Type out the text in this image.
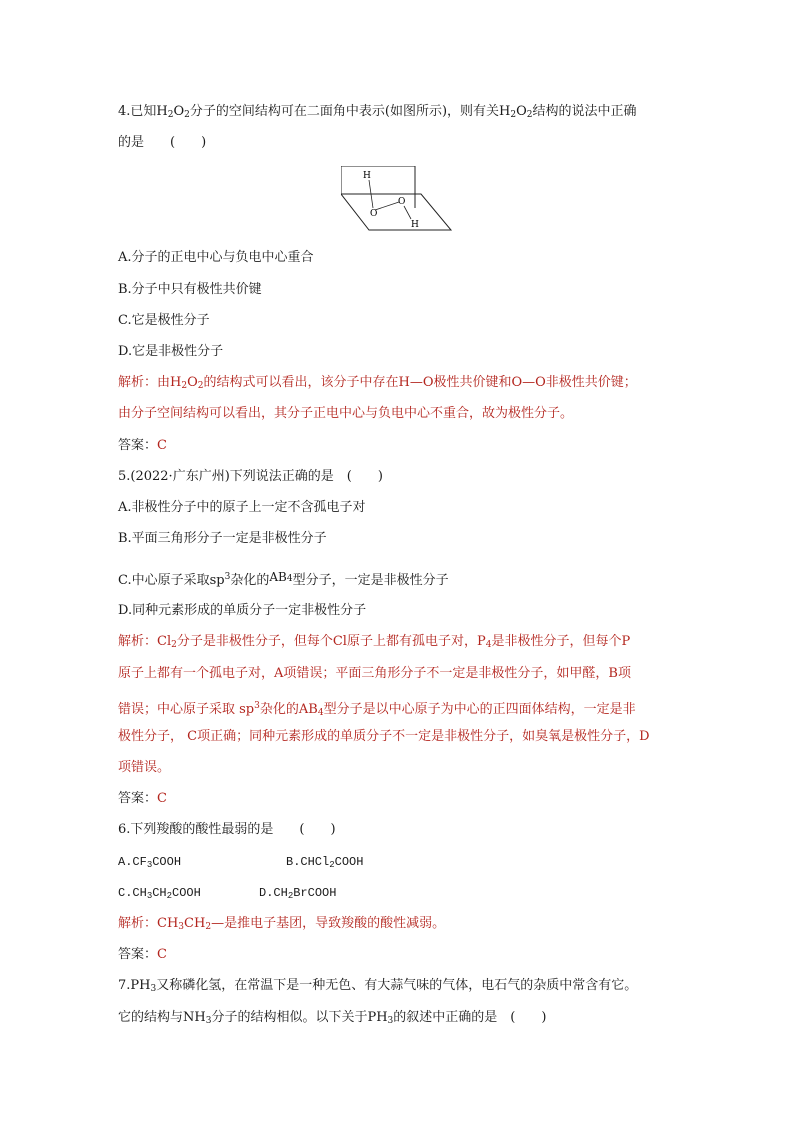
4.已知$H_2O_2$分子的空间结构可在二面角中表示(如图所示)，则有关$H_2O_2$结构的说法中正确
的是　　(　　)
H
O
O
H
A.分子的正电中心与负电中心重合
B.分子中只有极性共价键
C.它是极性分子
D.它是非极性分子
解析：由$H_2O_2$的结构式可以看出，该分子中存在H—O极性共价键和O—O非极性共价键；
由分子空间结构可以看出，其分子正电中心与负电中心不重合，故为极性分子。
答案：C
5.(2022·广东广州)下列说法正确的是　(　　)
A.非极性分子中的原子上一定不含孤电子对
B.平面三角形分子一定是非极性分子
C.中心原子采取$sp^3$杂化的$AB^4$型分子，一定是非极性分子
D.同种元素形成的单质分子一定非极性分子
解析：$Cl_2$分子是非极性分子，但每个Cl原子上都有孤电子对，$P_4$是非极性分子，但每个P
原子上都有一个孤电子对，A项错误；平面三角形分子不一定是非极性分子，如甲醛，B项
错误；中心原子采取 $sp^3$杂化的$AB_4$型分子是以中心原子为中心的正四面体结构，一定是非
极性分子， C项正确；同种元素形成的单质分子不一定是非极性分子，如臭氧是极性分子，D
项错误。
答案：C
6.下列羧酸的酸性最弱的是　　(　　)
$A.CF_3COOH$	B.CHCl$_2$COOH
$C.CH_3CH_2COOH$	$D.CH_2BrCOOH$
解析：$CH_3CH_2—$是推电子基团，导致羧酸的酸性减弱。
答案：C
$7.PH_3$又称磷化氢，在常温下是一种无色、有大蒜气味的气体，电石气的杂质中常含有它。
它的结构与$NH_3$分子的结构相似。以下关于$PH_3$的叙述中正确的是　(　　)
